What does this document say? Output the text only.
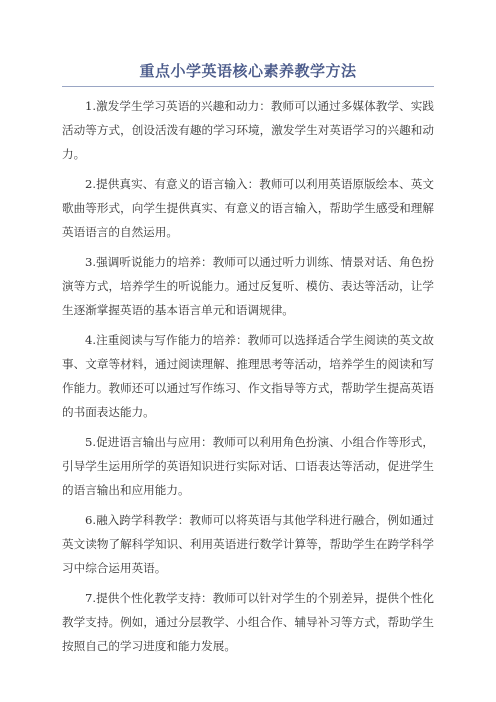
重点小学英语核心素养教学方法

1.激发学生学习英语的兴趣和动力：教师可以通过多媒体教学、实践活动等方式，创设活泼有趣的学习环境，激发学生对英语学习的兴趣和动力。

2.提供真实、有意义的语言输入：教师可以利用英语原版绘本、英文歌曲等形式，向学生提供真实、有意义的语言输入，帮助学生感受和理解英语语言的自然运用。

3.强调听说能力的培养：教师可以通过听力训练、情景对话、角色扮演等方式，培养学生的听说能力。通过反复听、模仿、表达等活动，让学生逐渐掌握英语的基本语言单元和语调规律。

4.注重阅读与写作能力的培养：教师可以选择适合学生阅读的英文故事、文章等材料，通过阅读理解、推理思考等活动，培养学生的阅读和写作能力。教师还可以通过写作练习、作文指导等方式，帮助学生提高英语的书面表达能力。

5.促进语言输出与应用：教师可以利用角色扮演、小组合作等形式，引导学生运用所学的英语知识进行实际对话、口语表达等活动，促进学生的语言输出和应用能力。

6.融入跨学科教学：教师可以将英语与其他学科进行融合，例如通过英文读物了解科学知识、利用英语进行数学计算等，帮助学生在跨学科学习中综合运用英语。

7.提供个性化教学支持：教师可以针对学生的个别差异，提供个性化教学支持。例如，通过分层教学、小组合作、辅导补习等方式，帮助学生按照自己的学习进度和能力发展。
